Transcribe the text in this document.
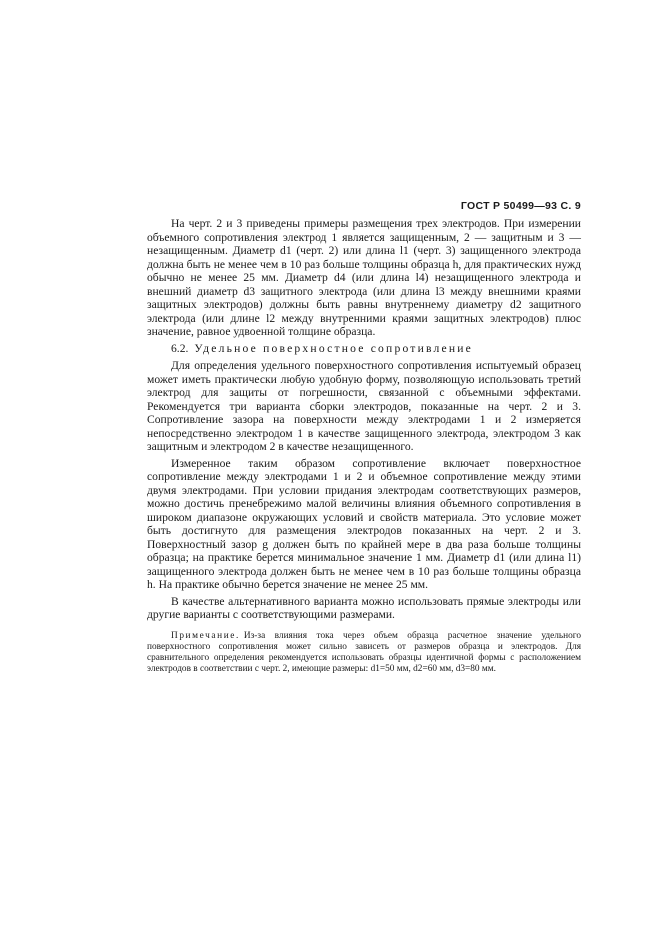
ГОСТ Р 50499—93 С. 9

На черт. 2 и 3 приведены примеры размещения трех электродов. При измерении объемного сопротивления электрод 1 является защищенным, 2 — защитным и 3 — незащищенным. Диаметр d1 (черт. 2) или длина l1 (черт. 3) защищенного электрода должна быть не менее чем в 10 раз больше толщины образца h, для практических нужд обычно не менее 25 мм. Диаметр d4 (или длина l4) незащищенного электрода и внешний диаметр d3 защитного электрода (или длина l3 между внешними краями защитных электродов) должны быть равны внутреннему диаметру d2 защитного электрода (или длине l2 между внутренними краями защитных электродов) плюс значение, равное удвоенной толщине образца.

6.2. Удельное поверхностное сопротивление

Для определения удельного поверхностного сопротивления испытуемый образец может иметь практически любую удобную форму, позволяющую использовать третий электрод для защиты от погрешности, связанной с объемными эффектами. Рекомендуется три варианта сборки электродов, показанные на черт. 2 и 3. Сопротивление зазора на поверхности между электродами 1 и 2 измеряется непосредственно электродом 1 в качестве защищенного электрода, электродом 3 как защитным и электродом 2 в качестве незащищенного.

Измеренное таким образом сопротивление включает поверхностное сопротивление между электродами 1 и 2 и объемное сопротивление между этими двумя электродами. При условии придания электродам соответствующих размеров, можно достичь пренебрежимо малой величины влияния объемного сопротивления в широком диапазоне окружающих условий и свойств материала. Это условие может быть достигнуто для размещения электродов показанных на черт. 2 и 3. Поверхностный зазор g должен быть по крайней мере в два раза больше толщины образца; на практике берется минимальное значение 1 мм. Диаметр d1 (или длина l1) защищенного электрода должен быть не менее чем в 10 раз больше толщины образца h. На практике обычно берется значение не менее 25 мм.

В качестве альтернативного варианта можно использовать прямые электроды или другие варианты с соответствующими размерами.

Примечание. Из-за влияния тока через объем образца расчетное значение удельного поверхностного сопротивления может сильно зависеть от размеров образца и электродов. Для сравнительного определения рекомендуется использовать образцы идентичной формы с расположением электродов в соответствии с черт. 2, имеющие размеры: d1=50 мм, d2=60 мм, d3=80 мм.
